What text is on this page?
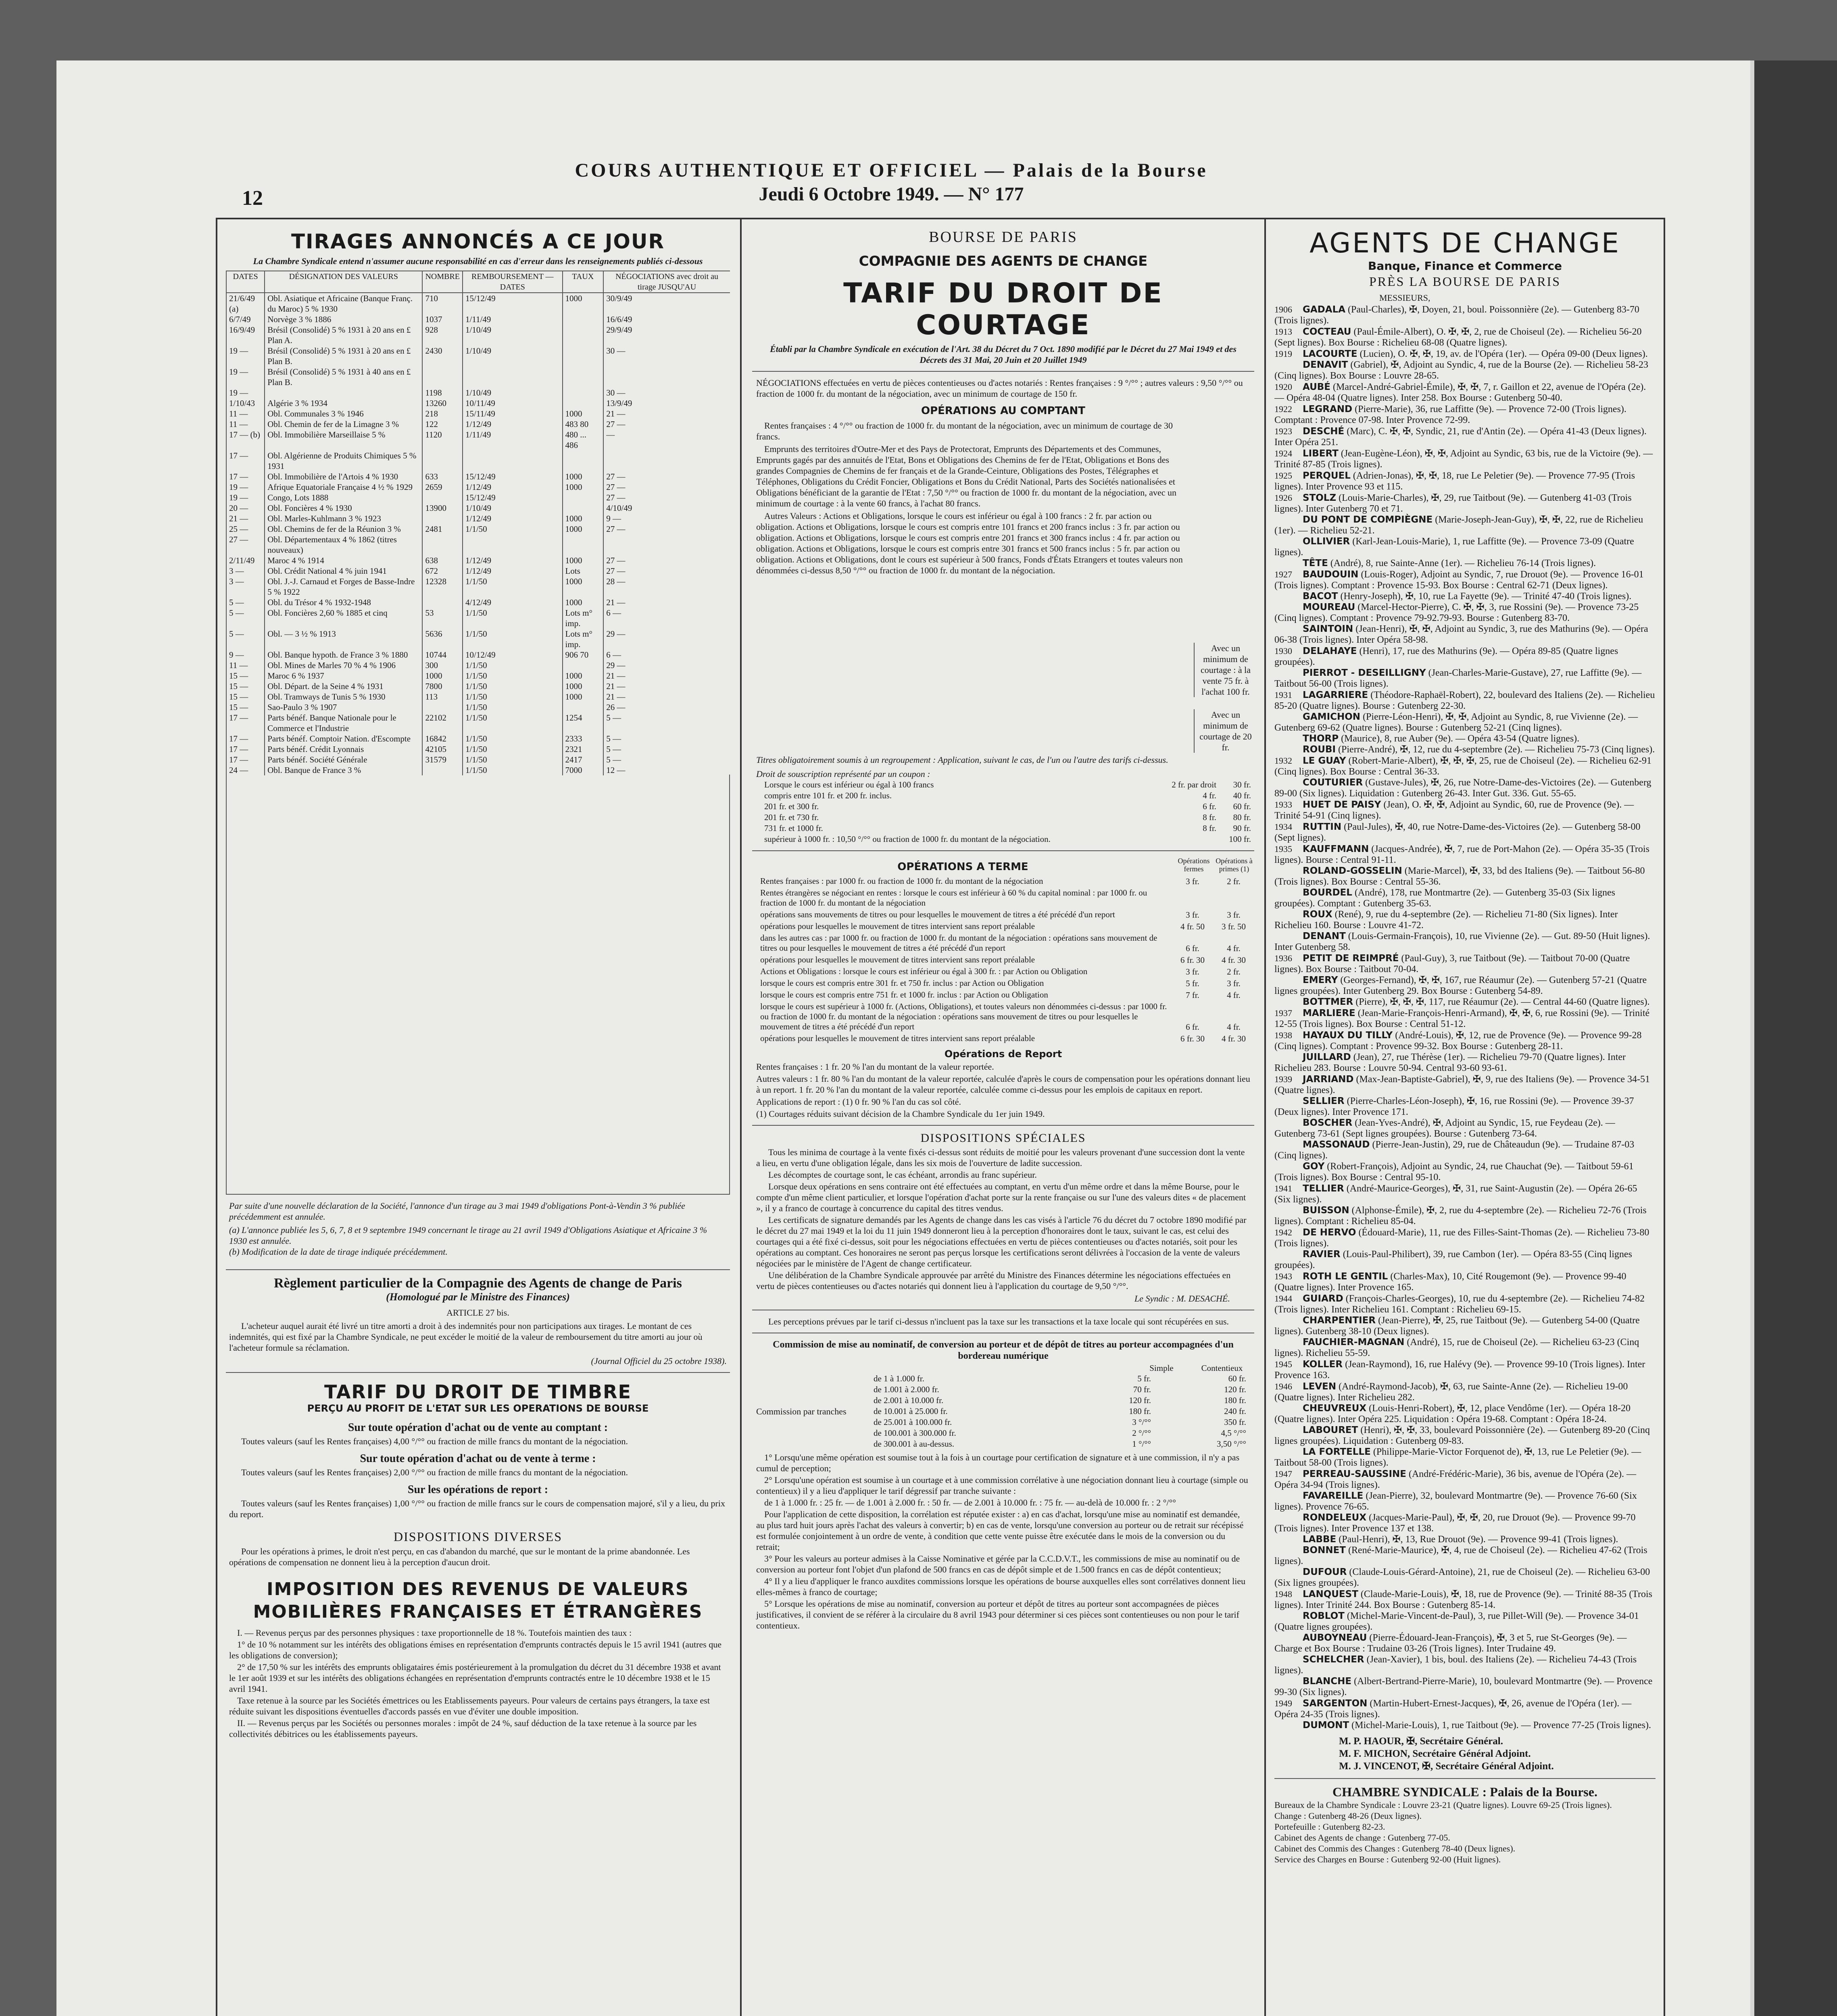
COURS AUTHENTIQUE ET OFFICIEL — Palais de la Bourse
Jeudi 6 Octobre 1949. — N° 177
12
TIRAGES ANNONCÉS A CE JOUR

La Chambre Syndicale entend n'assumer aucune responsabilité en cas d'erreur dans les renseignements publiés ci-dessous

DATES	DÉSIGNATION DES VALEURS	NOMBRE	REMBOURSEMENT — DATES	TAUX	NÉGOCIATIONS avec droit au tirage JUSQU'AU
21/6/49 (a)	Obl. Asiatique et Africaine (Banque Franç. du Maroc) 5 % 1930	710	15/12/49	1000	30/9/49
6/7/49	Norvège 3 % 1886	1037	1/11/49		16/6/49
16/9/49	Brésil (Consolidé) 5 % 1931 à 20 ans en £ Plan A.	928	1/10/49		29/9/49
19 —	Brésil (Consolidé) 5 % 1931 à 20 ans en £ Plan B.	2430	1/10/49		30 —
19 —	Brésil (Consolidé) 5 % 1931 à 40 ans en £ Plan B.				
19 —		1198	1/10/49		30 —
1/10/43	Algérie 3 % 1934	13260	10/11/49		13/9/49
11 —	Obl. Communales 3 % 1946	218	15/11/49	1000	21 —
11 —	Obl. Chemin de fer de la Limagne 3 %	122	1/12/49	483 80	27 —
17 — (b)	Obl. Immobilière Marseillaise 5 %	1120	1/11/49	480 ... 486	—
17 —	Obl. Algérienne de Produits Chimiques 5 % 1931				
17 —	Obl. Immobilière de l'Artois 4 % 1930	633	15/12/49	1000	27 —
19 —	Afrique Equatoriale Française 4 ½ % 1929	2659	1/12/49	1000	27 —
19 —	Congo, Lots 1888		15/12/49		27 —
20 —	Obl. Foncières 4 % 1930	13900	1/10/49		4/10/49
21 —	Obl. Marles-Kuhlmann 3 % 1923		1/12/49	1000	9 —
25 —	Obl. Chemins de fer de la Réunion 3 %	2481	1/1/50	1000	27 —
27 —	Obl. Départementaux 4 % 1862 (titres nouveaux)				
2/11/49	Maroc 4 % 1914	638	1/12/49	1000	27 —
3 —	Obl. Crédit National 4 % juin 1941	672	1/12/49	Lots	27 —
3 —	Obl. J.-J. Carnaud et Forges de Basse-Indre 5 % 1922	12328	1/1/50	1000	28 —
5 —	Obl. du Trésor 4 % 1932-1948		4/12/49	1000	21 —
5 —	Obl. Foncières 2,60 % 1885 et cinq	53	1/1/50	Lots m° imp.	6 —
5 —	Obl. — 3 ½ % 1913	5636	1/1/50	Lots m° imp.	29 —
9 —	Obl. Banque hypoth. de France 3 % 1880	10744	10/12/49	906 70	6 —
11 —	Obl. Mines de Marles 70 % 4 % 1906	300	1/1/50		29 —
15 —	Maroc 6 % 1937	1000	1/1/50	1000	21 —
15 —	Obl. Départ. de la Seine 4 % 1931	7800	1/1/50	1000	21 —
15 —	Obl. Tramways de Tunis 5 % 1930	113	1/1/50	1000	21 —
15 —	Sao-Paulo 3 % 1907		1/1/50		26 —
17 —	Parts bénéf. Banque Nationale pour le Commerce et l'Industrie	22102	1/1/50	1254	5 —
17 —	Parts bénéf. Comptoir Nation. d'Escompte	16842	1/1/50	2333	5 —
17 —	Parts bénéf. Crédit Lyonnais	42105	1/1/50	2321	5 —
17 —	Parts bénéf. Société Générale	31579	1/1/50	2417	5 —
24 —	Obl. Banque de France 3 %		1/1/50	7000	12 —

Par suite d'une nouvelle déclaration de la Société, l'annonce d'un tirage au 3 mai 1949 d'obligations Pont-à-Vendin 3 % publiée précédemment est annulée.

(a) L'annonce publiée les 5, 6, 7, 8 et 9 septembre 1949 concernant le tirage au 21 avril 1949 d'Obligations Asiatique et Africaine 3 % 1930 est annulée.

(b) Modification de la date de tirage indiquée précédemment.

Règlement particulier de la Compagnie des Agents de change de Paris
(Homologué par le Ministre des Finances)
ARTICLE 27 bis.

L'acheteur auquel aurait été livré un titre amorti a droit à des indemnités pour non participations aux tirages. Le montant de ces indemnités, qui est fixé par la Chambre Syndicale, ne peut excéder le moitié de la valeur de remboursement du titre amorti au jour où l'acheteur formule sa réclamation.

(Journal Officiel du 25 octobre 1938).
TARIF DU DROIT DE TIMBRE
PERÇU AU PROFIT DE L'ETAT SUR LES OPERATIONS DE BOURSE
Sur toute opération d'achat ou de vente au comptant :

Toutes valeurs (sauf les Rentes françaises) 4,00 °/°° ou fraction de mille francs du montant de la négociation.

Sur toute opération d'achat ou de vente à terme :

Toutes valeurs (sauf les Rentes françaises) 2,00 °/°° ou fraction de mille francs du montant de la négociation.

Sur les opérations de report :

Toutes valeurs (sauf les Rentes françaises) 1,00 °/°° ou fraction de mille francs sur le cours de compensation majoré, s'il y a lieu, du prix du report.

DISPOSITIONS DIVERSES

Pour les opérations à primes, le droit n'est perçu, en cas d'abandon du marché, que sur le montant de la prime abandonnée. Les opérations de compensation ne donnent lieu à la perception d'aucun droit.

IMPOSITION DES REVENUS DE VALEURS MOBILIÈRES FRANÇAISES ET ÉTRANGÈRES

I. — Revenus perçus par des personnes physiques : taxe proportionnelle de 18 %. Toutefois maintien des taux :

1° de 10 % notamment sur les intérêts des obligations émises en représentation d'emprunts contractés depuis le 15 avril 1941 (autres que les obligations de conversion);

2° de 17,50 % sur les intérêts des emprunts obligataires émis postérieurement à la promulgation du décret du 31 décembre 1938 et avant le 1er août 1939 et sur les intérêts des obligations échangées en représentation d'emprunts contractés entre le 10 décembre 1938 et le 15 avril 1941.

Taxe retenue à la source par les Sociétés émettrices ou les Etablissements payeurs. Pour valeurs de certains pays étrangers, la taxe est réduite suivant les dispositions éventuelles d'accords passés en vue d'éviter une double imposition.

II. — Revenus perçus par les Sociétés ou personnes morales : impôt de 24 %, sauf déduction de la taxe retenue à la source par les collectivités débitrices ou les établissements payeurs.

BOURSE DE PARIS
COMPAGNIE DES AGENTS DE CHANGE
TARIF DU DROIT DE COURTAGE

Établi par la Chambre Syndicale en exécution de l'Art. 38 du Décret du 7 Oct. 1890 modifié par le Décret du 27 Mai 1949 et des Décrets des 31 Mai, 20 Juin et 20 Juillet 1949

NÉGOCIATIONS effectuées en vertu de pièces contentieuses ou d'actes notariés : Rentes françaises : 9 °/°° ; autres valeurs : 9,50 °/°° ou fraction de 1000 fr. du montant de la négociation, avec un minimum de courtage de 150 fr.

OPÉRATIONS AU COMPTANT

Rentes françaises : 4 °/°° ou fraction de 1000 fr. du montant de la négociation, avec un minimum de courtage de 30 francs.

Emprunts des territoires d'Outre-Mer et des Pays de Protectorat, Emprunts des Départements et des Communes, Emprunts gagés par des annuités de l'Etat, Bons et Obligations des Chemins de fer de l'Etat, Obligations et Bons des grandes Compagnies de Chemins de fer français et de la Grande-Ceinture, Obligations des Postes, Télégraphes et Téléphones, Obligations du Crédit Foncier, Obligations et Bons du Crédit National, Parts des Sociétés nationalisées et Obligations bénéficiant de la garantie de l'Etat : 7,50 °/°° ou fraction de 1000 fr. du montant de la négociation, avec un minimum de courtage : à la vente 60 francs, à l'achat 80 francs.

Autres Valeurs : Actions et Obligations, lorsque le cours est inférieur ou égal à 100 francs : 2 fr. par action ou obligation. Actions et Obligations, lorsque le cours est compris entre 101 francs et 200 francs inclus : 3 fr. par action ou obligation. Actions et Obligations, lorsque le cours est compris entre 201 francs et 300 francs inclus : 4 fr. par action ou obligation. Actions et Obligations, lorsque le cours est compris entre 301 francs et 500 francs inclus : 5 fr. par action ou obligation. Actions et Obligations, dont le cours est supérieur à 500 francs, Fonds d'États Etrangers et toutes valeurs non dénommées ci-dessus 8,50 °/°° ou fraction de 1000 fr. du montant de la négociation.

Avec un minimum de courtage : à la vente 75 fr. à l'achat 100 fr.
Avec un minimum de courtage de 20 fr.

Titres obligatoirement soumis à un regroupement : Application, suivant le cas, de l'un ou l'autre des tarifs ci-dessus.

Droit de souscription représenté par un coupon :
Lorsque le cours est inférieur ou égal à 100 francs	2 fr. par droit	30 fr.
compris entre 101 fr. et 200 fr. inclus.	4 fr.	40 fr.
201 fr. et 300 fr.	6 fr.	60 fr.
201 fr. et 730 fr.	8 fr.	80 fr.
731 fr. et 1000 fr.	8 fr.	90 fr.
supérieur à 1000 fr. : 10,50 °/°° ou fraction de 1000 fr. du montant de la négociation.		100 fr.
OPÉRATIONS A TERME	Opérations fermes
Opérations à primes (1)
Rentes françaises : par 1000 fr. ou fraction de 1000 fr. du montant de la négociation	3 fr.	2 fr.
Rentes étrangères se négociant en rentes : lorsque le cours est inférieur à 60 % du capital nominal : par 1000 fr. ou fraction de 1000 fr. du montant de la négociation		
opérations sans mouvements de titres ou pour lesquelles le mouvement de titres a été précédé d'un report	3 fr.	3 fr.
opérations pour lesquelles le mouvement de titres intervient sans report préalable	4 fr. 50	3 fr. 50
dans les autres cas : par 1000 fr. ou fraction de 1000 fr. du montant de la négociation : opérations sans mouvement de titres ou pour lesquelles le mouvement de titres a été précédé d'un report	6 fr.	4 fr.
opérations pour lesquelles le mouvement de titres intervient sans report préalable	6 fr. 30	4 fr. 30
Actions et Obligations : lorsque le cours est inférieur ou égal à 300 fr. : par Action ou Obligation	3 fr.	2 fr.
lorsque le cours est compris entre 301 fr. et 750 fr. inclus : par Action ou Obligation	5 fr.	3 fr.
lorsque le cours est compris entre 751 fr. et 1000 fr. inclus : par Action ou Obligation	7 fr.	4 fr.
lorsque le cours est supérieur à 1000 fr. (Actions, Obligations), et toutes valeurs non dénommées ci-dessus : par 1000 fr. ou fraction de 1000 fr. du montant de la négociation : opérations sans mouvement de titres ou pour lesquelles le mouvement de titres a été précédé d'un report	6 fr.	4 fr.
opérations pour lesquelles le mouvement de titres intervient sans report préalable	6 fr. 30	4 fr. 30
Opérations de Report

Rentes françaises : 1 fr. 20 % l'an du montant de la valeur reportée.

Autres valeurs : 1 fr. 80 % l'an du montant de la valeur reportée, calculée d'après le cours de compensation pour les opérations donnant lieu à un report. 1 fr. 20 % l'an du montant de la valeur reportée, calculée comme ci-dessus pour les emplois de capitaux en report.

Applications de report : (1) 0 fr. 90 % l'an du cas sol côté.

(1) Courtages réduits suivant décision de la Chambre Syndicale du 1er juin 1949.

DISPOSITIONS SPÉCIALES

Tous les minima de courtage à la vente fixés ci-dessus sont réduits de moitié pour les valeurs provenant d'une succession dont la vente a lieu, en vertu d'une obligation légale, dans les six mois de l'ouverture de ladite succession.

Les décomptes de courtage sont, le cas échéant, arrondis au franc supérieur.

Lorsque deux opérations en sens contraire ont été effectuées au comptant, en vertu d'un même ordre et dans la même Bourse, pour le compte d'un même client particulier, et lorsque l'opération d'achat porte sur la rente française ou sur l'une des valeurs dites « de placement », il y a franco de courtage à concurrence du capital des titres vendus.

Les certificats de signature demandés par les Agents de change dans les cas visés à l'article 76 du décret du 7 octobre 1890 modifié par le décret du 27 mai 1949 et la loi du 11 juin 1949 donneront lieu à la perception d'honoraires dont le taux, suivant le cas, est celui des courtages qui a été fixé ci-dessus, soit pour les négociations effectuées en vertu de pièces contentieuses ou d'actes notariés, soit pour les opérations au comptant. Ces honoraires ne seront pas perçus lorsque les certifications seront délivrées à l'occasion de la vente de valeurs négociées par le ministère de l'Agent de change certificateur.

Une délibération de la Chambre Syndicale approuvée par arrêté du Ministre des Finances détermine les négociations effectuées en vertu de pièces contentieuses ou d'actes notariés qui donnent lieu à l'application du courtage de 9,50 °/°°.

Le Syndic : M. DESACHÉ.

Les perceptions prévues par le tarif ci-dessus n'incluent pas la taxe sur les transactions et la taxe locale qui sont récupérées en sus.

Commission de mise au nominatif, de conversion au porteur et de dépôt de titres au porteur accompagnées d'un bordereau numérique

Simple	Contentieux
Commission par tranches
de 1 à 1.000 fr.	5 fr.	60 fr.
de 1.001 à 2.000 fr.	70 fr.	120 fr.
de 2.001 à 10.000 fr.	120 fr.	180 fr.
de 10.001 à 25.000 fr.	180 fr.	240 fr.
de 25.001 à 100.000 fr.	3 °/°°	350 fr.
de 100.001 à 300.000 fr.	2 °/°°	4,5 °/°°
de 300.001 à au-dessus.	1 °/°°	3,50 °/°°

1° Lorsqu'une même opération est soumise tout à la fois à un courtage pour certification de signature et à une commission, il n'y a pas cumul de perception;

2° Lorsqu'une opération est soumise à un courtage et à une commission corrélative à une négociation donnant lieu à courtage (simple ou contentieux) il y a lieu d'appliquer le tarif dégressif par tranche suivante :

de 1 à 1.000 fr. : 25 fr. — de 1.001 à 2.000 fr. : 50 fr. — de 2.001 à 10.000 fr. : 75 fr. — au-delà de 10.000 fr. : 2 °/°°

Pour l'application de cette disposition, la corrélation est réputée exister : a) en cas d'achat, lorsqu'une mise au nominatif est demandée, au plus tard huit jours après l'achat des valeurs à convertir; b) en cas de vente, lorsqu'une conversion au porteur ou de retrait sur récépissé est formulée conjointement à un ordre de vente, à condition que cette vente puisse être exécutée dans le mois de la conversion ou du retrait;

3° Pour les valeurs au porteur admises à la Caisse Nominative et gérée par la C.C.D.V.T., les commissions de mise au nominatif ou de conversion au porteur font l'objet d'un plafond de 500 francs en cas de dépôt simple et de 1.500 francs en cas de dépôt contentieux;

4° Il y a lieu d'appliquer le franco auxdites commissions lorsque les opérations de bourse auxquelles elles sont corrélatives donnent lieu elles-mêmes à franco de courtage;

5° Lorsque les opérations de mise au nominatif, conversion au porteur et dépôt de titres au porteur sont accompagnées de pièces justificatives, il convient de se référer à la circulaire du 8 avril 1943 pour déterminer si ces pièces sont contentieuses ou non pour le tarif contentieux.

AGENTS DE CHANGE
Banque, Finance et Commerce
PRÈS LA BOURSE DE PARIS
MESSIEURS,

1906 GADALA (Paul-Charles), ✠, Doyen, 21, boul. Poissonnière (2e). — Gutenberg 83-70 (Trois lignes).

1913 COCTEAU (Paul-Émile-Albert), O. ✠, ✠, 2, rue de Choiseul (2e). — Richelieu 56-20 (Sept lignes). Box Bourse : Richelieu 68-08 (Quatre lignes).

1919 LACOURTE (Lucien), O. ✠, ✠, 19, av. de l'Opéra (1er). — Opéra 09-00 (Deux lignes).

DENAVIT (Gabriel), ✠, Adjoint au Syndic, 4, rue de la Bourse (2e). — Richelieu 58-23 (Cinq lignes). Box Bourse : Louvre 28-65.

1920 AUBÉ (Marcel-André-Gabriel-Émile), ✠, ✠, 7, r. Gaillon et 22, avenue de l'Opéra (2e). — Opéra 48-04 (Quatre lignes). Inter 258. Box Bourse : Gutenberg 50-40.

1922 LEGRAND (Pierre-Marie), 36, rue Laffitte (9e). — Provence 72-00 (Trois lignes). Comptant : Provence 07-98. Inter Provence 72-99.

1923 DESCHÉ (Marc), C. ✠, ✠, Syndic, 21, rue d'Antin (2e). — Opéra 41-43 (Deux lignes). Inter Opéra 251.

1924 LIBERT (Jean-Eugène-Léon), ✠, ✠, Adjoint au Syndic, 63 bis, rue de la Victoire (9e). — Trinité 87-85 (Trois lignes).

1925 PERQUEL (Adrien-Jonas), ✠, ✠, 18, rue Le Peletier (9e). — Provence 77-95 (Trois lignes). Inter Provence 93 et 115.

1926 STOLZ (Louis-Marie-Charles), ✠, 29, rue Taitbout (9e). — Gutenberg 41-03 (Trois lignes). Inter Gutenberg 70 et 71.

DU PONT DE COMPIÈGNE (Marie-Joseph-Jean-Guy), ✠, ✠, 22, rue de Richelieu (1er). — Richelieu 52-21.

OLLIVIER (Karl-Jean-Louis-Marie), 1, rue Laffitte (9e). — Provence 73-09 (Quatre lignes).

TÊTE (André), 8, rue Sainte-Anne (1er). — Richelieu 76-14 (Trois lignes).

1927 BAUDOUIN (Louis-Roger), Adjoint au Syndic, 7, rue Drouot (9e). — Provence 16-01 (Trois lignes). Comptant : Provence 15-93. Box Bourse : Central 62-71 (Deux lignes).

BACOT (Henry-Joseph), ✠, 10, rue La Fayette (9e). — Trinité 47-40 (Trois lignes).

MOUREAU (Marcel-Hector-Pierre), C. ✠, ✠, 3, rue Rossini (9e). — Provence 73-25 (Cinq lignes). Comptant : Provence 79-92.79-93. Bourse : Gutenberg 83-70.

SAINTOIN (Jean-Henri), ✠, ✠, Adjoint au Syndic, 3, rue des Mathurins (9e). — Opéra 06-38 (Trois lignes). Inter Opéra 58-98.

1930 DELAHAYE (Henri), 17, rue des Mathurins (9e). — Opéra 89-85 (Quatre lignes groupées).

PIERROT - DESEILLIGNY (Jean-Charles-Marie-Gustave), 27, rue Laffitte (9e). — Taitbout 56-00 (Trois lignes).

1931 LAGARRIERE (Théodore-Raphaël-Robert), 22, boulevard des Italiens (2e). — Richelieu 85-20 (Quatre lignes). Bourse : Gutenberg 22-30.

GAMICHON (Pierre-Léon-Henri), ✠, ✠, Adjoint au Syndic, 8, rue Vivienne (2e). — Gutenberg 69-62 (Quatre lignes). Bourse : Gutenberg 52-21 (Cinq lignes).

THORP (Maurice), 8, rue Auber (9e). — Opéra 43-54 (Quatre lignes).

ROUBI (Pierre-André), ✠, 12, rue du 4-septembre (2e). — Richelieu 75-73 (Cinq lignes).

1932 LE GUAY (Robert-Marie-Albert), ✠, ✠, ✠, 25, rue de Choiseul (2e). — Richelieu 62-91 (Cinq lignes). Box Bourse : Central 36-33.

COUTURIER (Gustave-Jules), ✠, 26, rue Notre-Dame-des-Victoires (2e). — Gutenberg 89-00 (Six lignes). Liquidation : Gutenberg 26-43. Inter Gut. 336. Gut. 55-65.

1933 HUET DE PAISY (Jean), O. ✠, ✠, Adjoint au Syndic, 60, rue de Provence (9e). — Trinité 54-91 (Cinq lignes).

1934 RUTTIN (Paul-Jules), ✠, 40, rue Notre-Dame-des-Victoires (2e). — Gutenberg 58-00 (Sept lignes).

1935 KAUFFMANN (Jacques-Andrée), ✠, 7, rue de Port-Mahon (2e). — Opéra 35-35 (Trois lignes). Bourse : Central 91-11.

ROLAND-GOSSELIN (Marie-Marcel), ✠, 33, bd des Italiens (9e). — Taitbout 56-80 (Trois lignes). Box Bourse : Central 55-36.

BOURDEL (André), 178, rue Montmartre (2e). — Gutenberg 35-03 (Six lignes groupées). Comptant : Gutenberg 35-63.

ROUX (René), 9, rue du 4-septembre (2e). — Richelieu 71-80 (Six lignes). Inter Richelieu 160. Bourse : Louvre 41-72.

DENANT (Louis-Germain-François), 10, rue Vivienne (2e). — Gut. 89-50 (Huit lignes). Inter Gutenberg 58.

1936 PETIT DE REIMPRÉ (Paul-Guy), 3, rue Taitbout (9e). — Taitbout 70-00 (Quatre lignes). Box Bourse : Taitbout 70-04.

EMERY (Georges-Fernand), ✠, ✠, 167, rue Réaumur (2e). — Gutenberg 57-21 (Quatre lignes groupées). Inter Gutenberg 29. Box Bourse : Gutenberg 54-89.

BOTTMER (Pierre), ✠, ✠, ✠, 117, rue Réaumur (2e). — Central 44-60 (Quatre lignes).

1937 MARLIERE (Jean-Marie-François-Henri-Armand), ✠, ✠, 6, rue Rossini (9e). — Trinité 12-55 (Trois lignes). Box Bourse : Central 51-12.

1938 HAYAUX DU TILLY (André-Louis), ✠, 12, rue de Provence (9e). — Provence 99-28 (Cinq lignes). Comptant : Provence 99-32. Box Bourse : Gutenberg 28-11.

JUILLARD (Jean), 27, rue Thérèse (1er). — Richelieu 79-70 (Quatre lignes). Inter Richelieu 283. Bourse : Louvre 50-94. Central 93-60 93-61.

1939 JARRIAND (Max-Jean-Baptiste-Gabriel), ✠, 9, rue des Italiens (9e). — Provence 34-51 (Quatre lignes).

SELLIER (Pierre-Charles-Léon-Joseph), ✠, 16, rue Rossini (9e). — Provence 39-37 (Deux lignes). Inter Provence 171.

BOSCHER (Jean-Yves-André), ✠, Adjoint au Syndic, 15, rue Feydeau (2e). — Gutenberg 73-61 (Sept lignes groupées). Bourse : Gutenberg 73-64.

MASSONAUD (Pierre-Jean-Justin), 29, rue de Châteaudun (9e). — Trudaine 87-03 (Cinq lignes).

GOY (Robert-François), Adjoint au Syndic, 24, rue Chauchat (9e). — Taitbout 59-61 (Trois lignes). Box Bourse : Central 95-10.

1941 TELLIER (André-Maurice-Georges), ✠, 31, rue Saint-Augustin (2e). — Opéra 26-65 (Six lignes).

BUISSON (Alphonse-Émile), ✠, 2, rue du 4-septembre (2e). — Richelieu 72-76 (Trois lignes). Comptant : Richelieu 85-04.

1942 DE HERVO (Édouard-Marie), 11, rue des Filles-Saint-Thomas (2e). — Richelieu 73-80 (Trois lignes).

RAVIER (Louis-Paul-Philibert), 39, rue Cambon (1er). — Opéra 83-55 (Cinq lignes groupées).

1943 ROTH LE GENTIL (Charles-Max), 10, Cité Rougemont (9e). — Provence 99-40 (Quatre lignes). Inter Provence 165.

1944 GUIARD (François-Charles-Georges), 10, rue du 4-septembre (2e). — Richelieu 74-82 (Trois lignes). Inter Richelieu 161. Comptant : Richelieu 69-15.

CHARPENTIER (Jean-Pierre), ✠, 25, rue Taitbout (9e). — Gutenberg 54-00 (Quatre lignes). Gutenberg 38-10 (Deux lignes).

FAUCHIER-MAGNAN (André), 15, rue de Choiseul (2e). — Richelieu 63-23 (Cinq lignes). Richelieu 55-59.

1945 KOLLER (Jean-Raymond), 16, rue Halévy (9e). — Provence 99-10 (Trois lignes). Inter Provence 163.

1946 LEVEN (André-Raymond-Jacob), ✠, 63, rue Sainte-Anne (2e). — Richelieu 19-00 (Quatre lignes). Inter Richelieu 282.

CHEUVREUX (Louis-Henri-Robert), ✠, 12, place Vendôme (1er). — Opéra 18-20 (Quatre lignes). Inter Opéra 225. Liquidation : Opéra 19-68. Comptant : Opéra 18-24.

LABOURET (Henri), ✠, ✠, 33, boulevard Poissonnière (2e). — Gutenberg 89-20 (Cinq lignes groupées). Liquidation : Gutenberg 09-83.

LA FORTELLE (Philippe-Marie-Victor Forquenot de), ✠, 13, rue Le Peletier (9e). — Taitbout 58-00 (Trois lignes).

1947 PERREAU-SAUSSINE (André-Frédéric-Marie), 36 bis, avenue de l'Opéra (2e). — Opéra 34-94 (Trois lignes).

FAVAREILLE (Jean-Pierre), 32, boulevard Montmartre (9e). — Provence 76-60 (Six lignes). Provence 76-65.

RONDELEUX (Jacques-Marie-Paul), ✠, ✠, 20, rue Drouot (9e). — Provence 99-70 (Trois lignes). Inter Provence 137 et 138.

LABBE (Paul-Henri), ✠, 13, Rue Drouot (9e). — Provence 99-41 (Trois lignes).

BONNET (René-Marie-Maurice), ✠, 4, rue de Choiseul (2e). — Richelieu 47-62 (Trois lignes).

DUFOUR (Claude-Louis-Gérard-Antoine), 21, rue de Choiseul (2e). — Richelieu 63-00 (Six lignes groupées).

1948 LANQUEST (Claude-Marie-Louis), ✠, 18, rue de Provence (9e). — Trinité 88-35 (Trois lignes). Inter Trinité 244. Box Bourse : Gutenberg 85-14.

ROBLOT (Michel-Marie-Vincent-de-Paul), 3, rue Pillet-Will (9e). — Provence 34-01 (Quatre lignes groupées).

AUBOYNEAU (Pierre-Édouard-Jean-François), ✠, 3 et 5, rue St-Georges (9e). — Charge et Box Bourse : Trudaine 03-26 (Trois lignes). Inter Trudaine 49.

SCHELCHER (Jean-Xavier), 1 bis, boul. des Italiens (2e). — Richelieu 74-43 (Trois lignes).

BLANCHE (Albert-Bertrand-Pierre-Marie), 10, boulevard Montmartre (9e). — Provence 99-30 (Six lignes).

1949 SARGENTON (Martin-Hubert-Ernest-Jacques), ✠, 26, avenue de l'Opéra (1er). — Opéra 24-35 (Trois lignes).

DUMONT (Michel-Marie-Louis), 1, rue Taitbout (9e). — Provence 77-25 (Trois lignes).

M. P. HAOUR, ✠, Secrétaire Général.
M. F. MICHON, Secrétaire Général Adjoint.
M. J. VINCENOT, ✠, Secrétaire Général Adjoint.
CHAMBRE SYNDICALE : Palais de la Bourse.
Bureaux de la Chambre Syndicale : Louvre 23-21 (Quatre lignes). Louvre 69-25 (Trois lignes).
Change : Gutenberg 48-26 (Deux lignes).
Portefeuille : Gutenberg 82-23.
Cabinet des Agents de change : Gutenberg 77-05.
Cabinet des Commis des Changes : Gutenberg 78-40 (Deux lignes).
Service des Charges en Bourse : Gutenberg 92-00 (Huit lignes).
